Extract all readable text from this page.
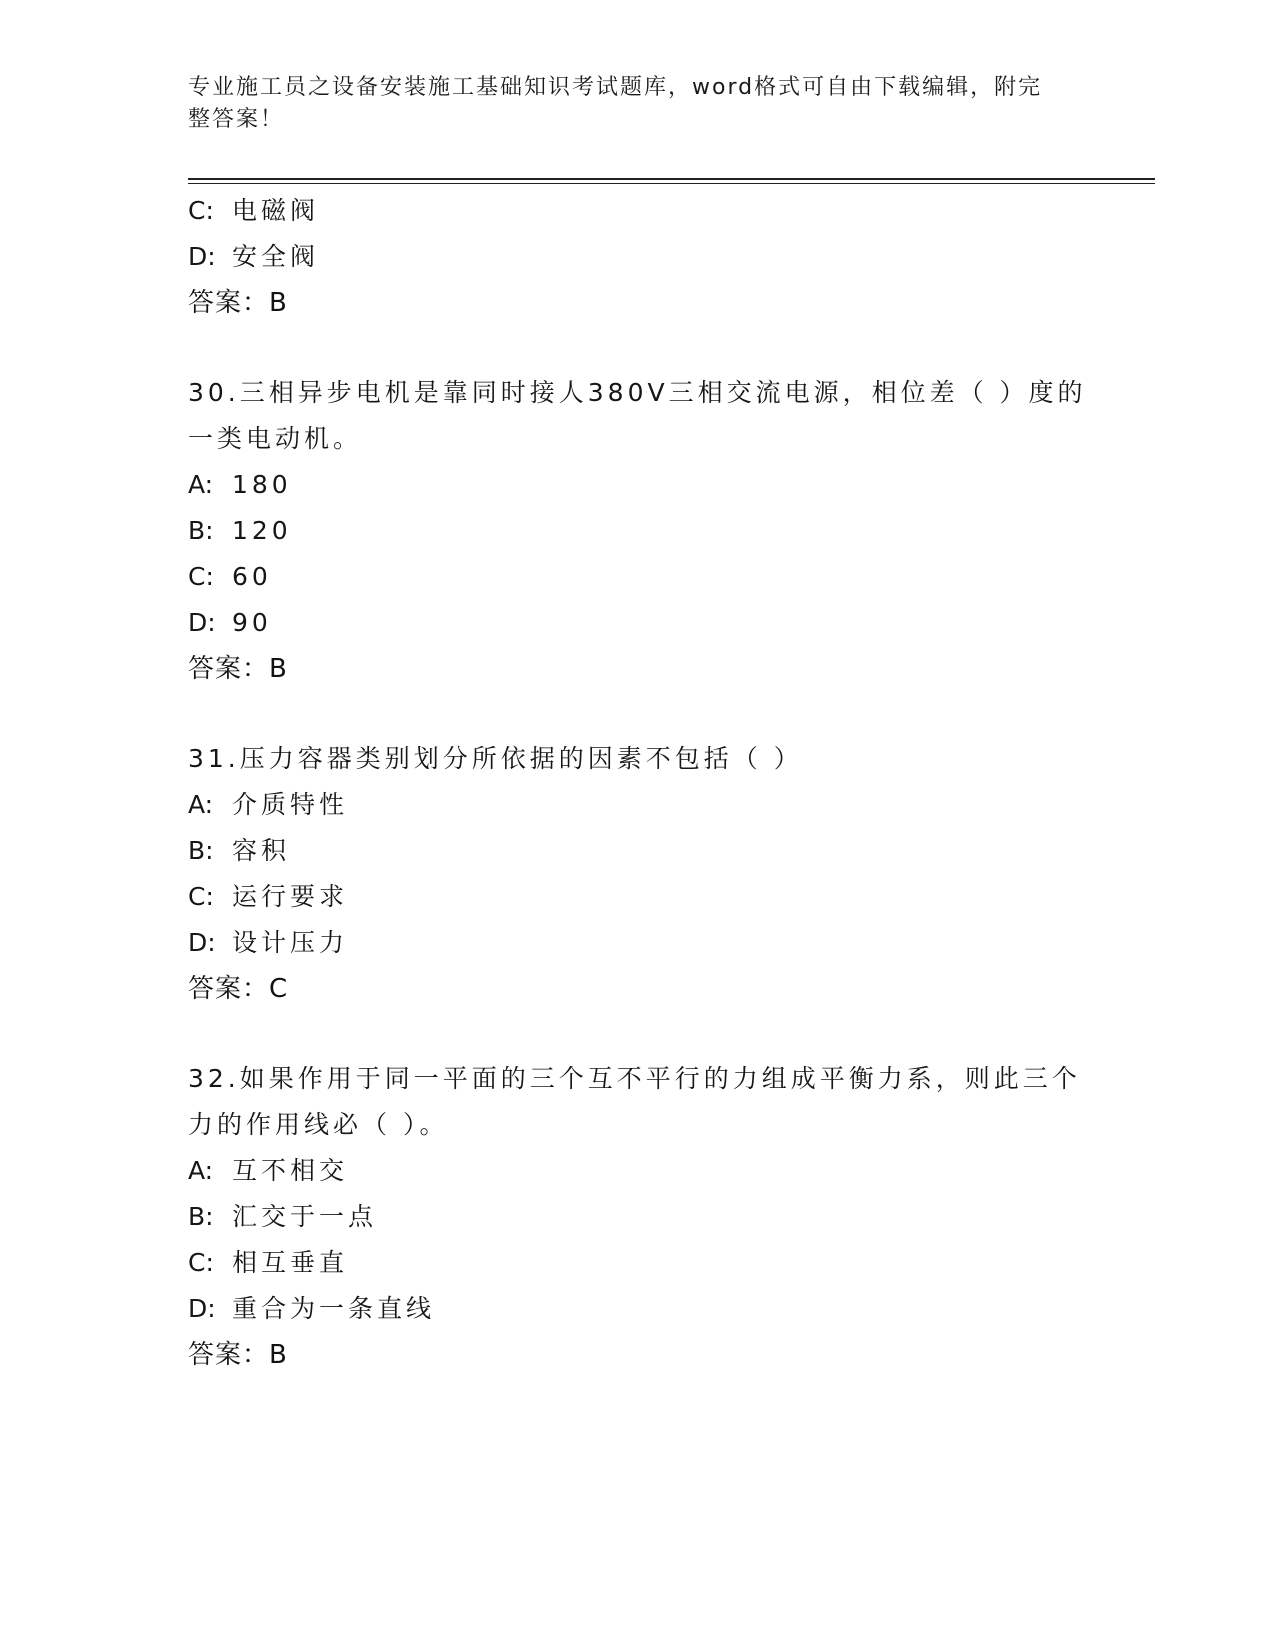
专业施工员之设备安装施工基础知识考试题库，word格式可自由下载编辑，附完
整答案！
C: 电磁阀
D: 安全阀
答案：B
30.三相异步电机是靠同时接人380V三相交流电源，相位差（ ）度的
一类电动机。
A: 180
B: 120
C: 60
D: 90
答案：B
31.压力容器类别划分所依据的因素不包括（ ）
A: 介质特性
B: 容积
C: 运行要求
D: 设计压力
答案：C
32.如果作用于同一平面的三个互不平行的力组成平衡力系，则此三个
力的作用线必（ ）。
A: 互不相交
B: 汇交于一点
C: 相互垂直
D: 重合为一条直线
答案：B
